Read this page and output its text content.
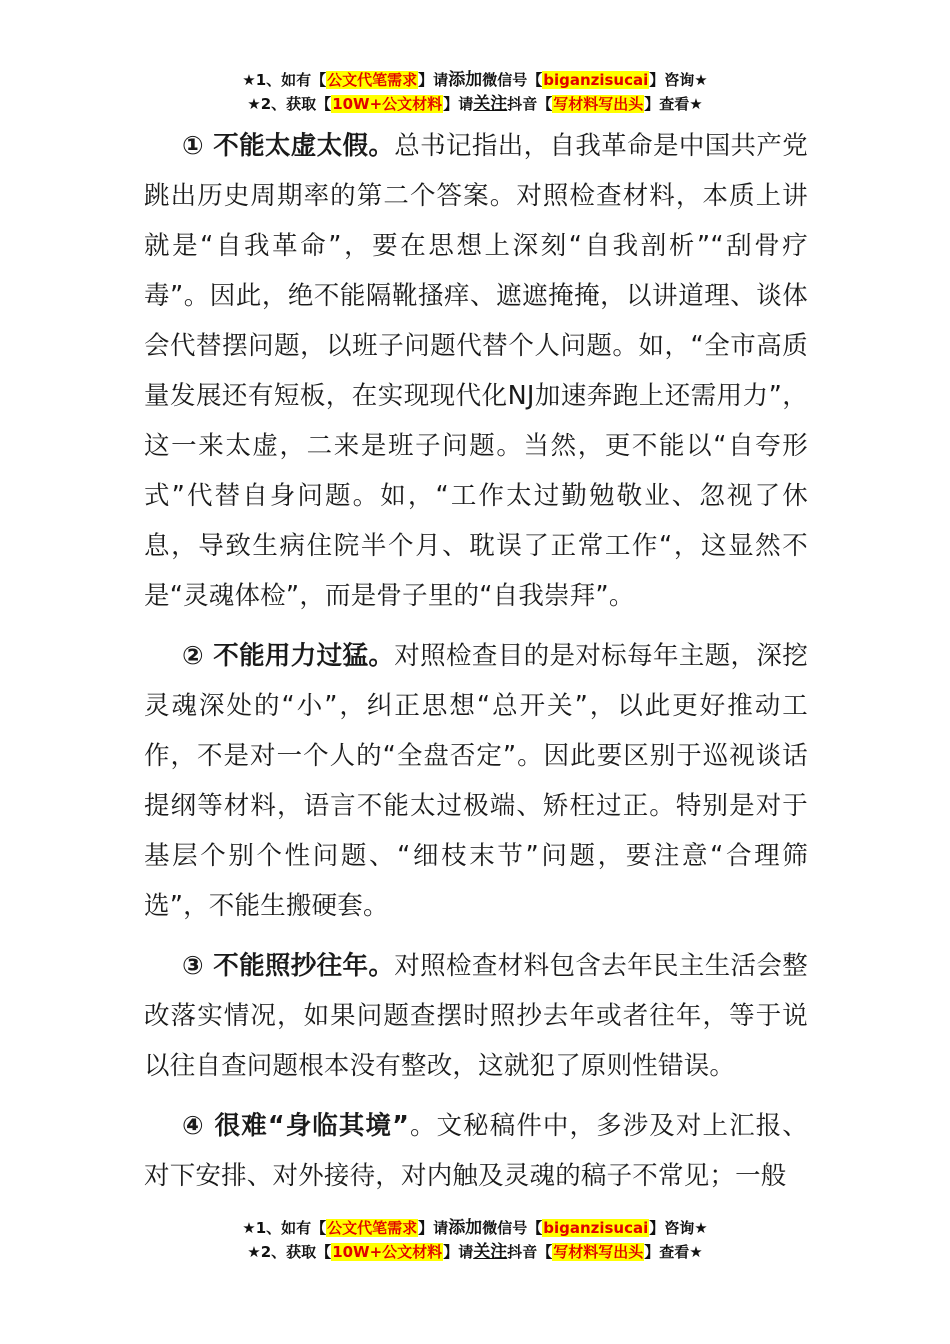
★1、如有【公文代笔需求】请添加微信号【biganzisucai】咨询★
★2、获取【10W+公文材料】请关注抖音【写材料写出头】查看★

① 不能太虚太假。总书记指出，自我革命是中国共产党跳出历史周期率的第二个答案。对照检查材料，本质上讲就是“自我革命”，要在思想上深刻“自我剖析”“刮骨疗毒”。因此，绝不能隔靴搔痒、遮遮掩掩，以讲道理、谈体会代替摆问题，以班子问题代替个人问题。如，“全市高质量发展还有短板，在实现现代化NJ加速奔跑上还需用力”，这一来太虚，二来是班子问题。当然，更不能以“自夸形式”代替自身问题。如，“工作太过勤勉敬业、忽视了休息，导致生病住院半个月、耽误了正常工作“，这显然不是“灵魂体检”，而是骨子里的“自我崇拜”。

② 不能用力过猛。对照检查目的是对标每年主题，深挖灵魂深处的“小”，纠正思想“总开关”，以此更好推动工作，不是对一个人的“全盘否定”。因此要区别于巡视谈话提纲等材料，语言不能太过极端、矫枉过正。特别是对于基层个别个性问题、“细枝末节”问题，要注意“合理筛选”，不能生搬硬套。

③ 不能照抄往年。对照检查材料包含去年民主生活会整改落实情况，如果问题查摆时照抄去年或者往年，等于说以往自查问题根本没有整改，这就犯了原则性错误。

④ 很难“身临其境”。文秘稿件中，多涉及对上汇报、对下安排、对外接待，对内触及灵魂的稿子不常见；一般

★1、如有【公文代笔需求】请添加微信号【biganzisucai】咨询★
★2、获取【10W+公文材料】请关注抖音【写材料写出头】查看★
